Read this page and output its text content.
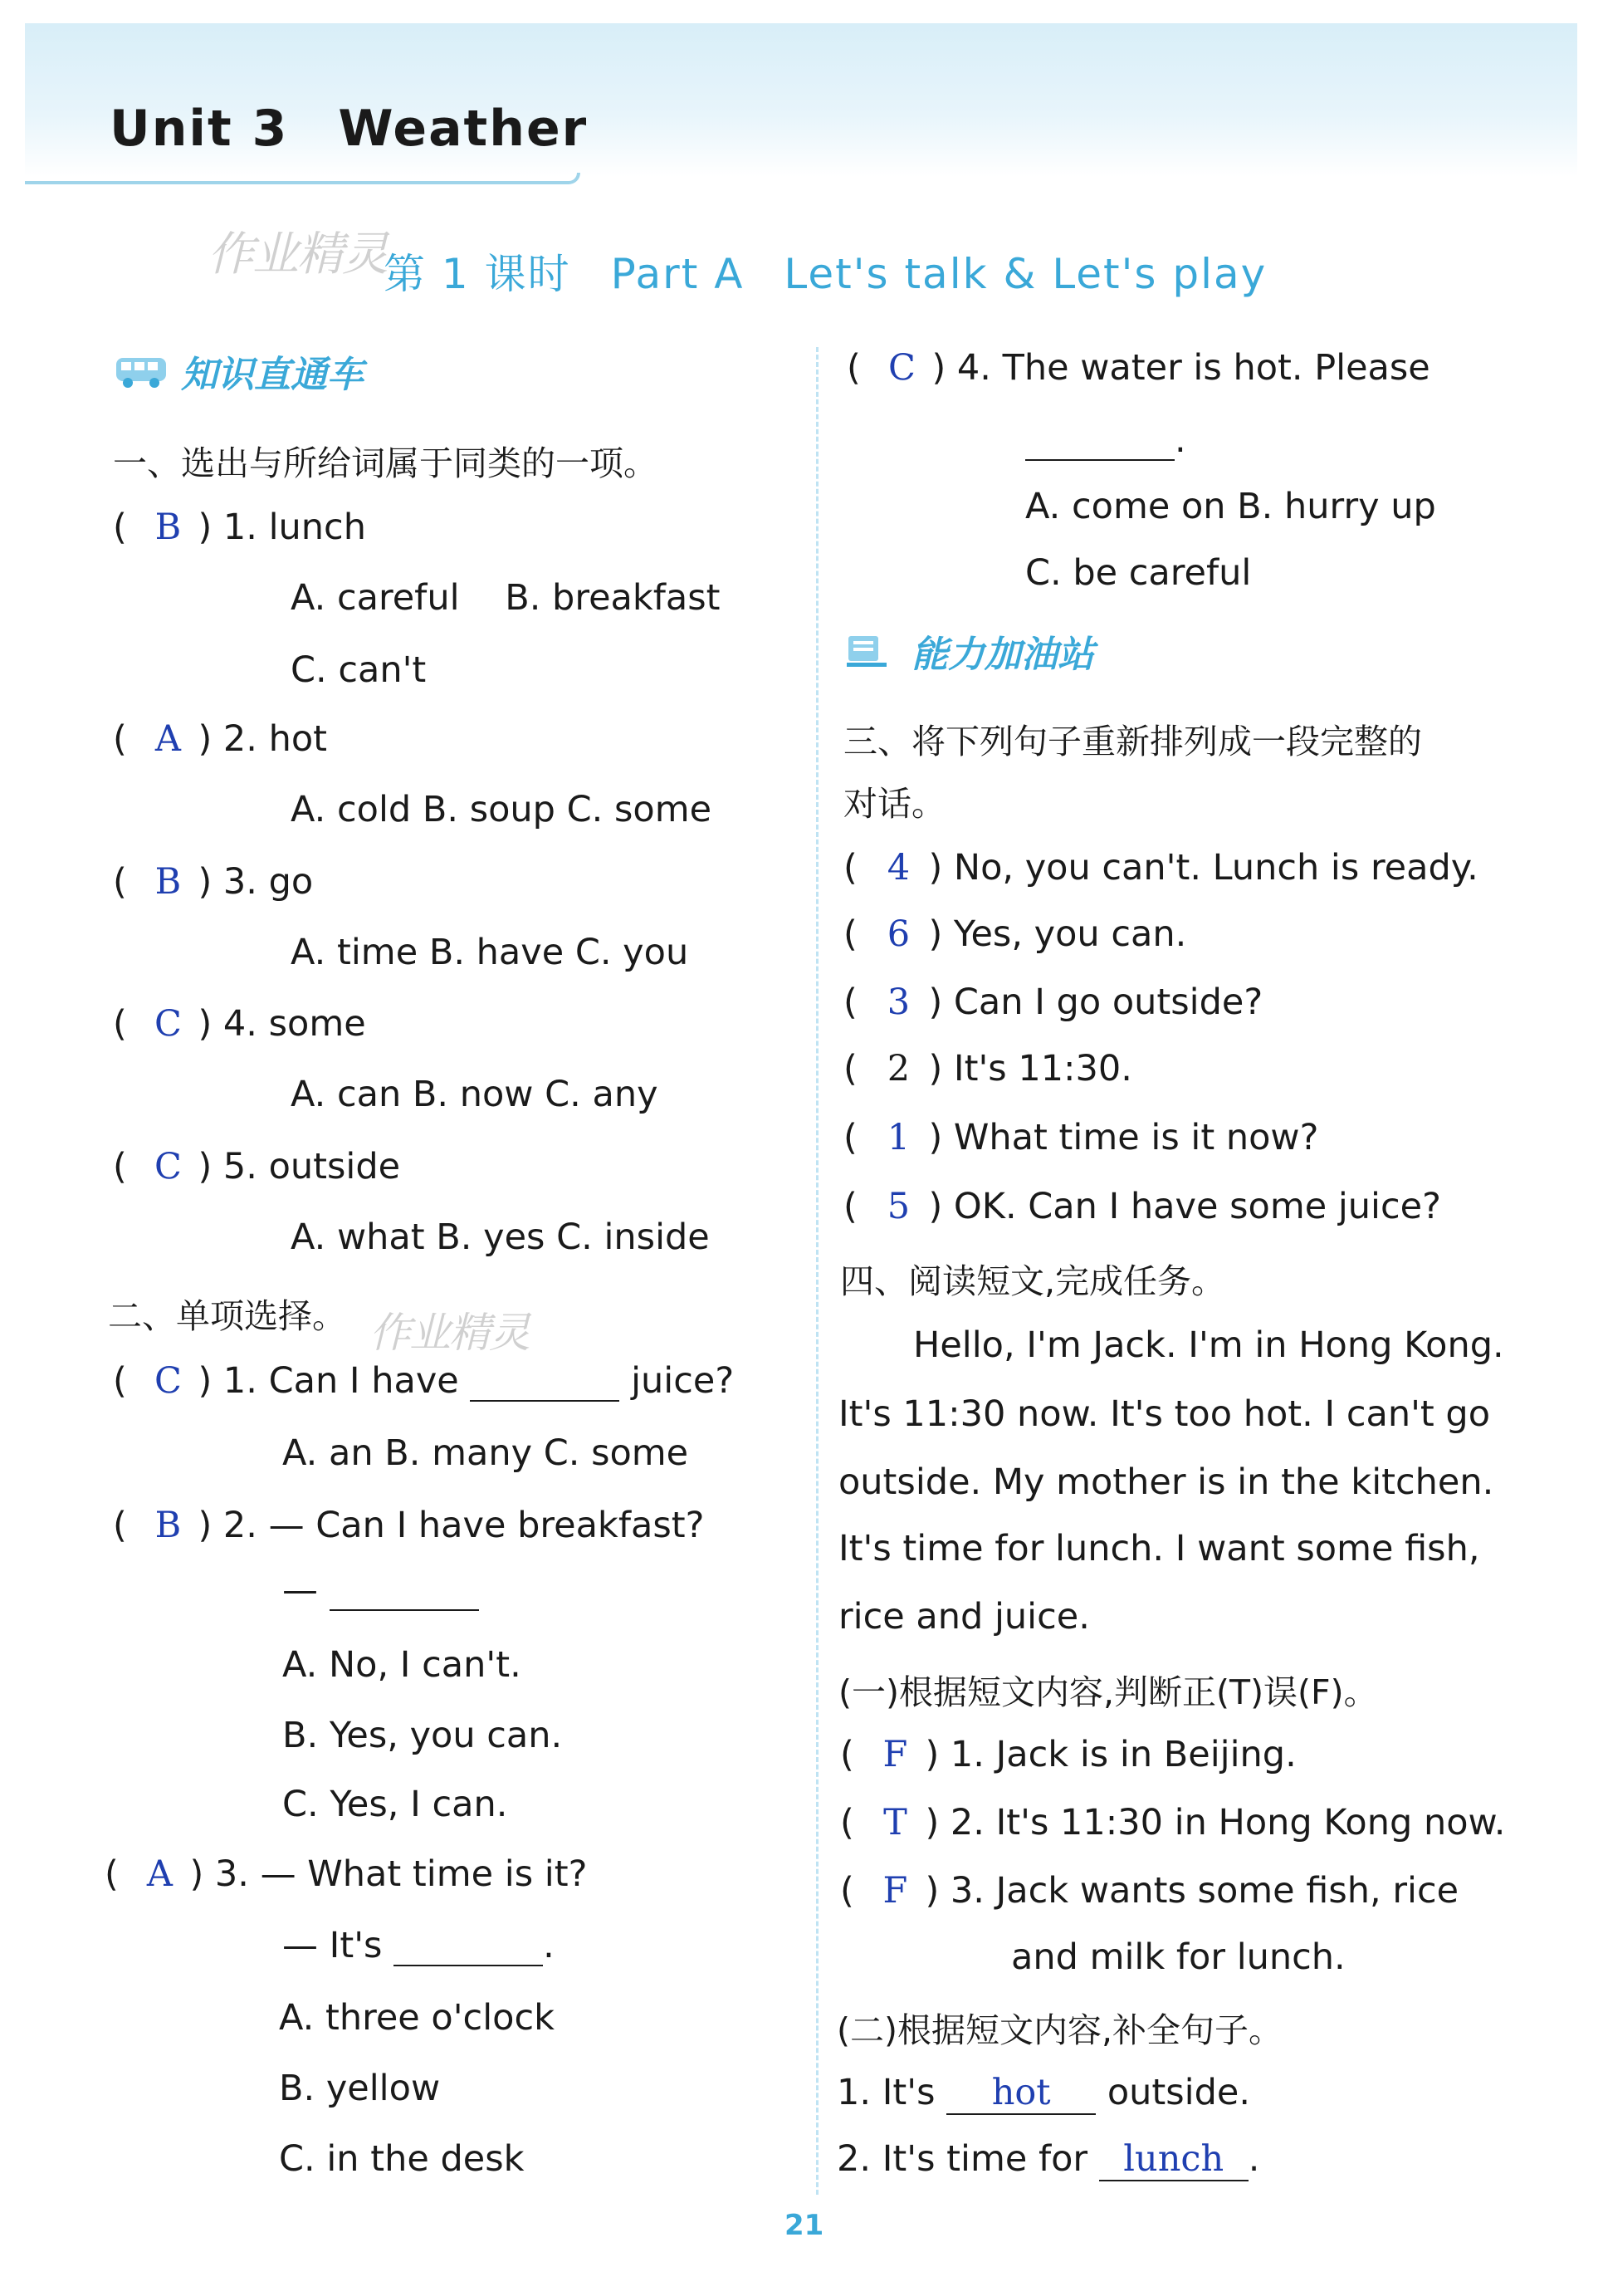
Unit 3 Weather
作业精灵
第 1 课时 Part A Let's talk & Let's play
知识直通车
能力加油站
一、选出与所给词属于同类的一项。
( B ) 1. lunch
A. careful B. breakfast
C. can't
( A ) 2. hot
A. cold B. soup C. some
( B ) 3. go
A. time B. have C. you
( C ) 4. some
A. can B. now C. any
( C ) 5. outside
A. what B. yes C. inside
二、单项选择。 作业精灵
( C ) 1. Can I have	juice?
A. an B. many C. some
( B ) 2. — Can I have breakfast?
—
A. No, I can't.
B. Yes, you can.
C. Yes, I can.
( A ) 3. — What time is it?
— It's	.
A. three o'clock
B. yellow
C. in the desk
( C ) 4. The water is hot. Please
.
A. come on B. hurry up
C. be careful
三、将下列句子重新排列成一段完整的
对话。
( 4 ) No, you can't. Lunch is ready.
( 6 ) Yes, you can.
( 3 ) Can I go outside?
( 2 ) It's 11:30.
( 1 ) What time is it now?
( 5 ) OK. Can I have some juice?
四、阅读短文,完成任务。
Hello, I'm Jack. I'm in Hong Kong.
It's 11:30 now. It's too hot. I can't go
outside. My mother is in the kitchen.
It's time for lunch. I want some fish,
rice and juice.
(一)根据短文内容,判断正(T)误(F)。
( F ) 1. Jack is in Beijing.
( T ) 2. It's 11:30 in Hong Kong now.
( F ) 3. Jack wants some fish, rice
and milk for lunch.
(二)根据短文内容,补全句子。
1. It's hot outside.
2. It's time for lunch .
21
